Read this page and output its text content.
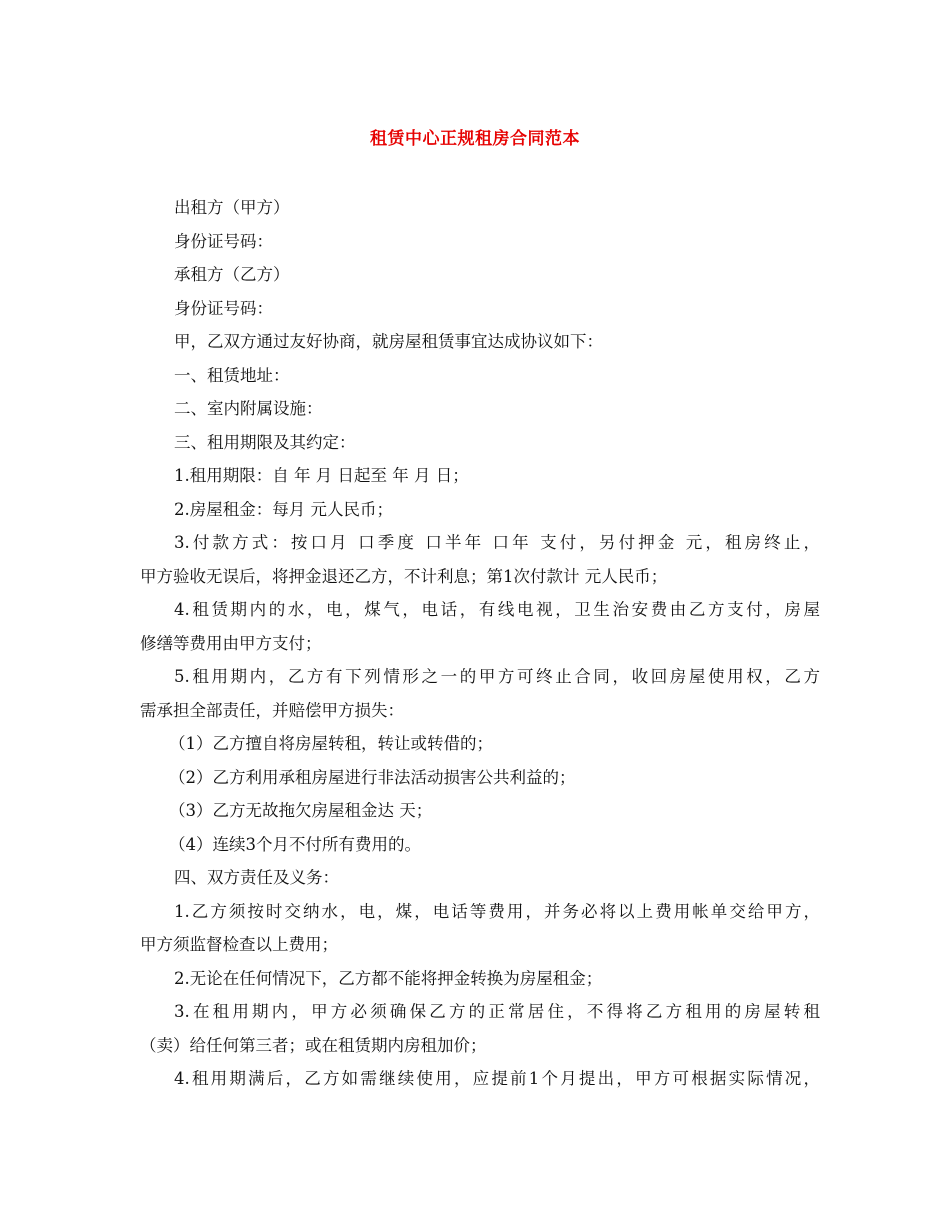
租赁中心正规租房合同范本
出租方（甲方）
身份证号码：
承租方（乙方）
身份证号码：
甲，乙双方通过友好协商，就房屋租赁事宜达成协议如下：
一、租赁地址：
二、室内附属设施：
三、租用期限及其约定：
1.租用期限：自 年 月 日起至 年 月 日；
2.房屋租金：每月 元人民币；
3.付款方式：按口月 口季度 口半年 口年 支付，另付押金 元，租房终止，
甲方验收无误后，将押金退还乙方，不计利息；第1次付款计 元人民币；
4.租赁期内的水，电，煤气，电话，有线电视，卫生治安费由乙方支付，房屋
修缮等费用由甲方支付；
5.租用期内，乙方有下列情形之一的甲方可终止合同，收回房屋使用权，乙方
需承担全部责任，并赔偿甲方损失：
（1）乙方擅自将房屋转租，转让或转借的；
（2）乙方利用承租房屋进行非法活动损害公共利益的；
（3）乙方无故拖欠房屋租金达 天；
（4）连续3个月不付所有费用的。
四、双方责任及义务：
1.乙方须按时交纳水，电，煤，电话等费用，并务必将以上费用帐单交给甲方，
甲方须监督检查以上费用；
2.无论在任何情况下，乙方都不能将押金转换为房屋租金；
3.在租用期内，甲方必须确保乙方的正常居住，不得将乙方租用的房屋转租
（卖）给任何第三者；或在租赁期内房租加价；
4.租用期满后，乙方如需继续使用，应提前1个月提出，甲方可根据实际情况，
